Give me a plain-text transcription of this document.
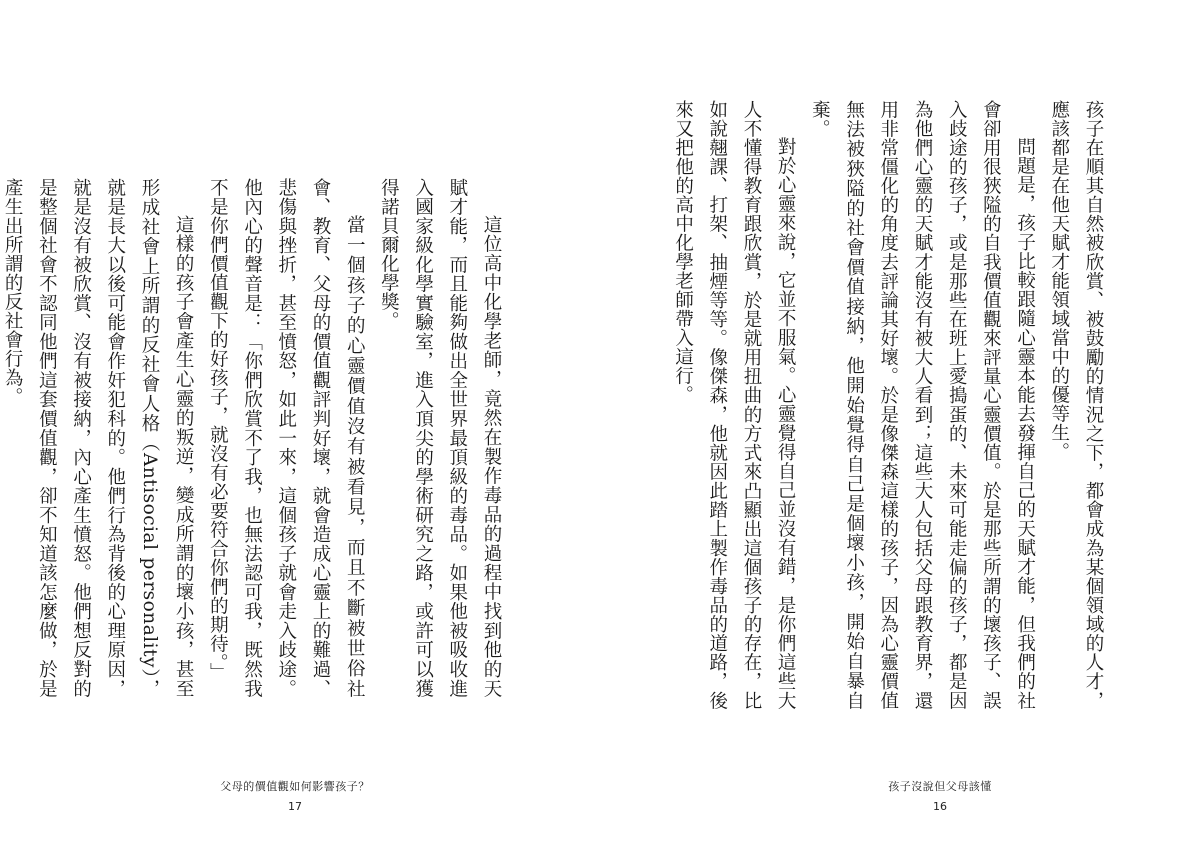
這位高中化學老師，竟然在製作毒品的過程中找到他的天賦才能，而且能夠做出全世界最頂級的毒品。如果他被吸收進入國家級化學實驗室，進入頂尖的學術研究之路，或許可以獲得諾貝爾化學獎。

當一個孩子的心靈價值沒有被看見，而且不斷被世俗社會、教育、父母的價值觀評判好壞，就會造成心靈上的難過、悲傷與挫折，甚至憤怒，如此一來，這個孩子就會走入歧途。他內心的聲音是：「你們欣賞不了我，也無法認可我，既然我不是你們價值觀下的好孩子，就沒有必要符合你們的期待。」

這樣的孩子會產生心靈的叛逆，變成所謂的壞小孩，甚至形成社會上所謂的反社會人格（Antisocial personality），就是長大以後可能會作奸犯科的。他們行為背後的心理原因，就是沒有被欣賞、沒有被接納，內心產生憤怒。他們想反對的是整個社會不認同他們這套價值觀，卻不知道該怎麼做，於是產生出所謂的反社會行為。

父母的價值觀如何影響孩子？
17

孩子在順其自然被欣賞、被鼓勵的情況之下，都會成為某個領域的人才，應該都是在他天賦才能領域當中的優等生。

問題是，孩子比較跟隨心靈本能去發揮自己的天賦才能，但我們的社會卻用很狹隘的自我價值觀來評量心靈價值。於是那些所謂的壞孩子、誤入歧途的孩子，或是那些在班上愛搗蛋的、未來可能走偏的孩子，都是因為他們心靈的天賦才能沒有被大人看到；這些大人包括父母跟教育界，還用非常僵化的角度去評論其好壞。於是像傑森這樣的孩子，因為心靈價值無法被狹隘的社會價值接納，他開始覺得自己是個壞小孩，開始自暴自棄。

對於心靈來說，它並不服氣。心靈覺得自己並沒有錯，是你們這些大人不懂得教育跟欣賞，於是就用扭曲的方式來凸顯出這個孩子的存在，比如說翹課、打架、抽煙等等。像傑森，他就因此踏上製作毒品的道路，後來又把他的高中化學老師帶入這行。

孩子沒說但父母該懂
16
